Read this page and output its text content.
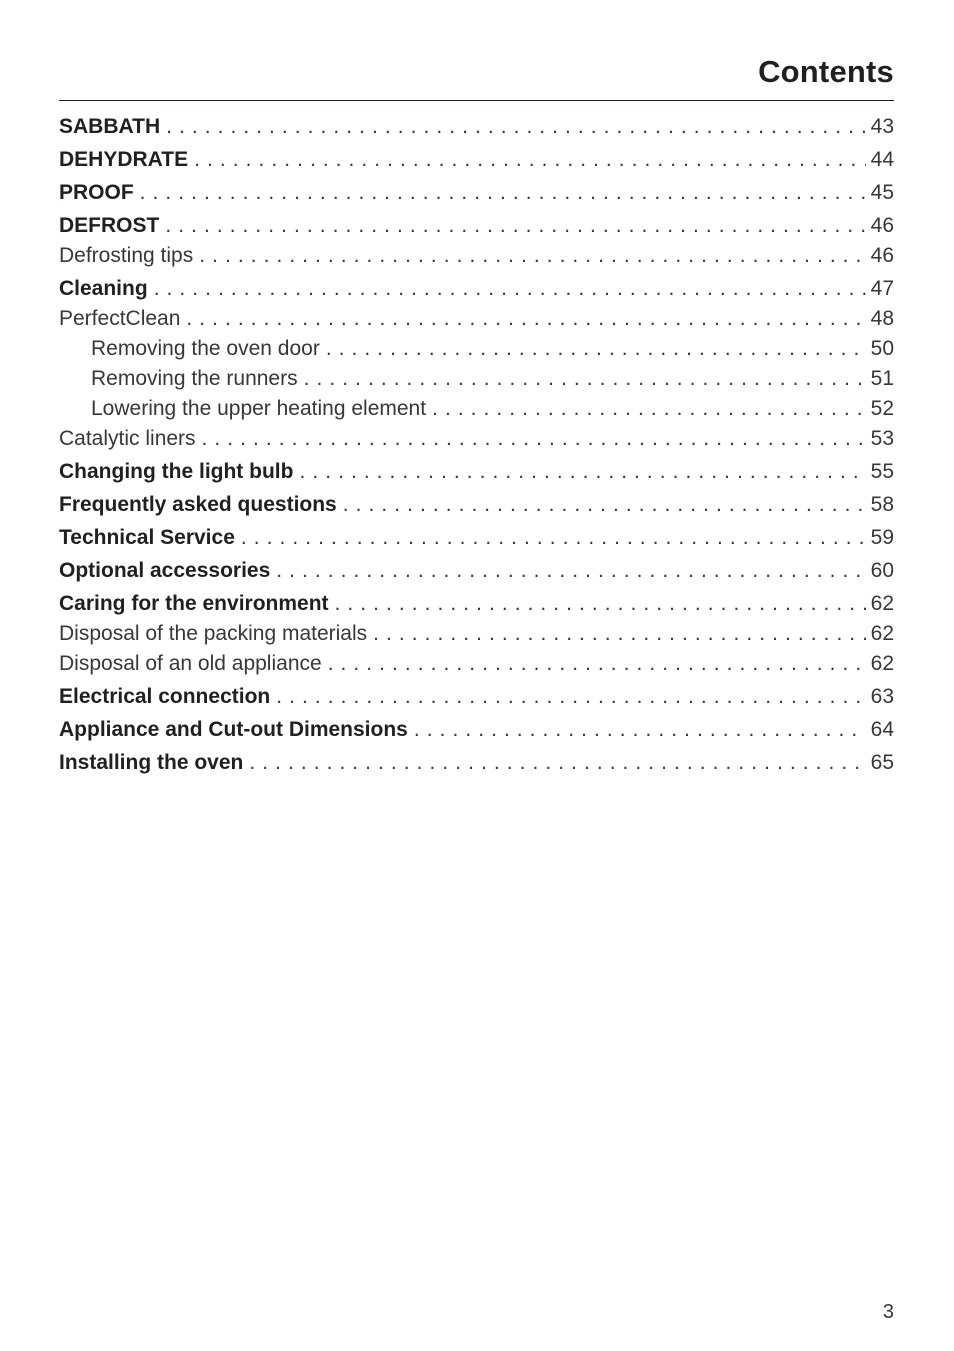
Contents
SABBATH . . .	43
DEHYDRATE . . .	44
PROOF . . .	45
DEFROST . . .	46
Defrosting tips . . .	46
Cleaning . . .	47
PerfectClean . . .	48
Removing the oven door . . .	50
Removing the runners . . .	51
Lowering the upper heating element . . .	52
Catalytic liners . . .	53
Changing the light bulb . . .	55
Frequently asked questions . . .	58
Technical Service . . .	59
Optional accessories . . .	60
Caring for the environment . . .	62
Disposal of the packing materials . . .	62
Disposal of an old appliance . . .	62
Electrical connection . . .	63
Appliance and Cut-out Dimensions . . .	64
Installing the oven . . .	65
3
